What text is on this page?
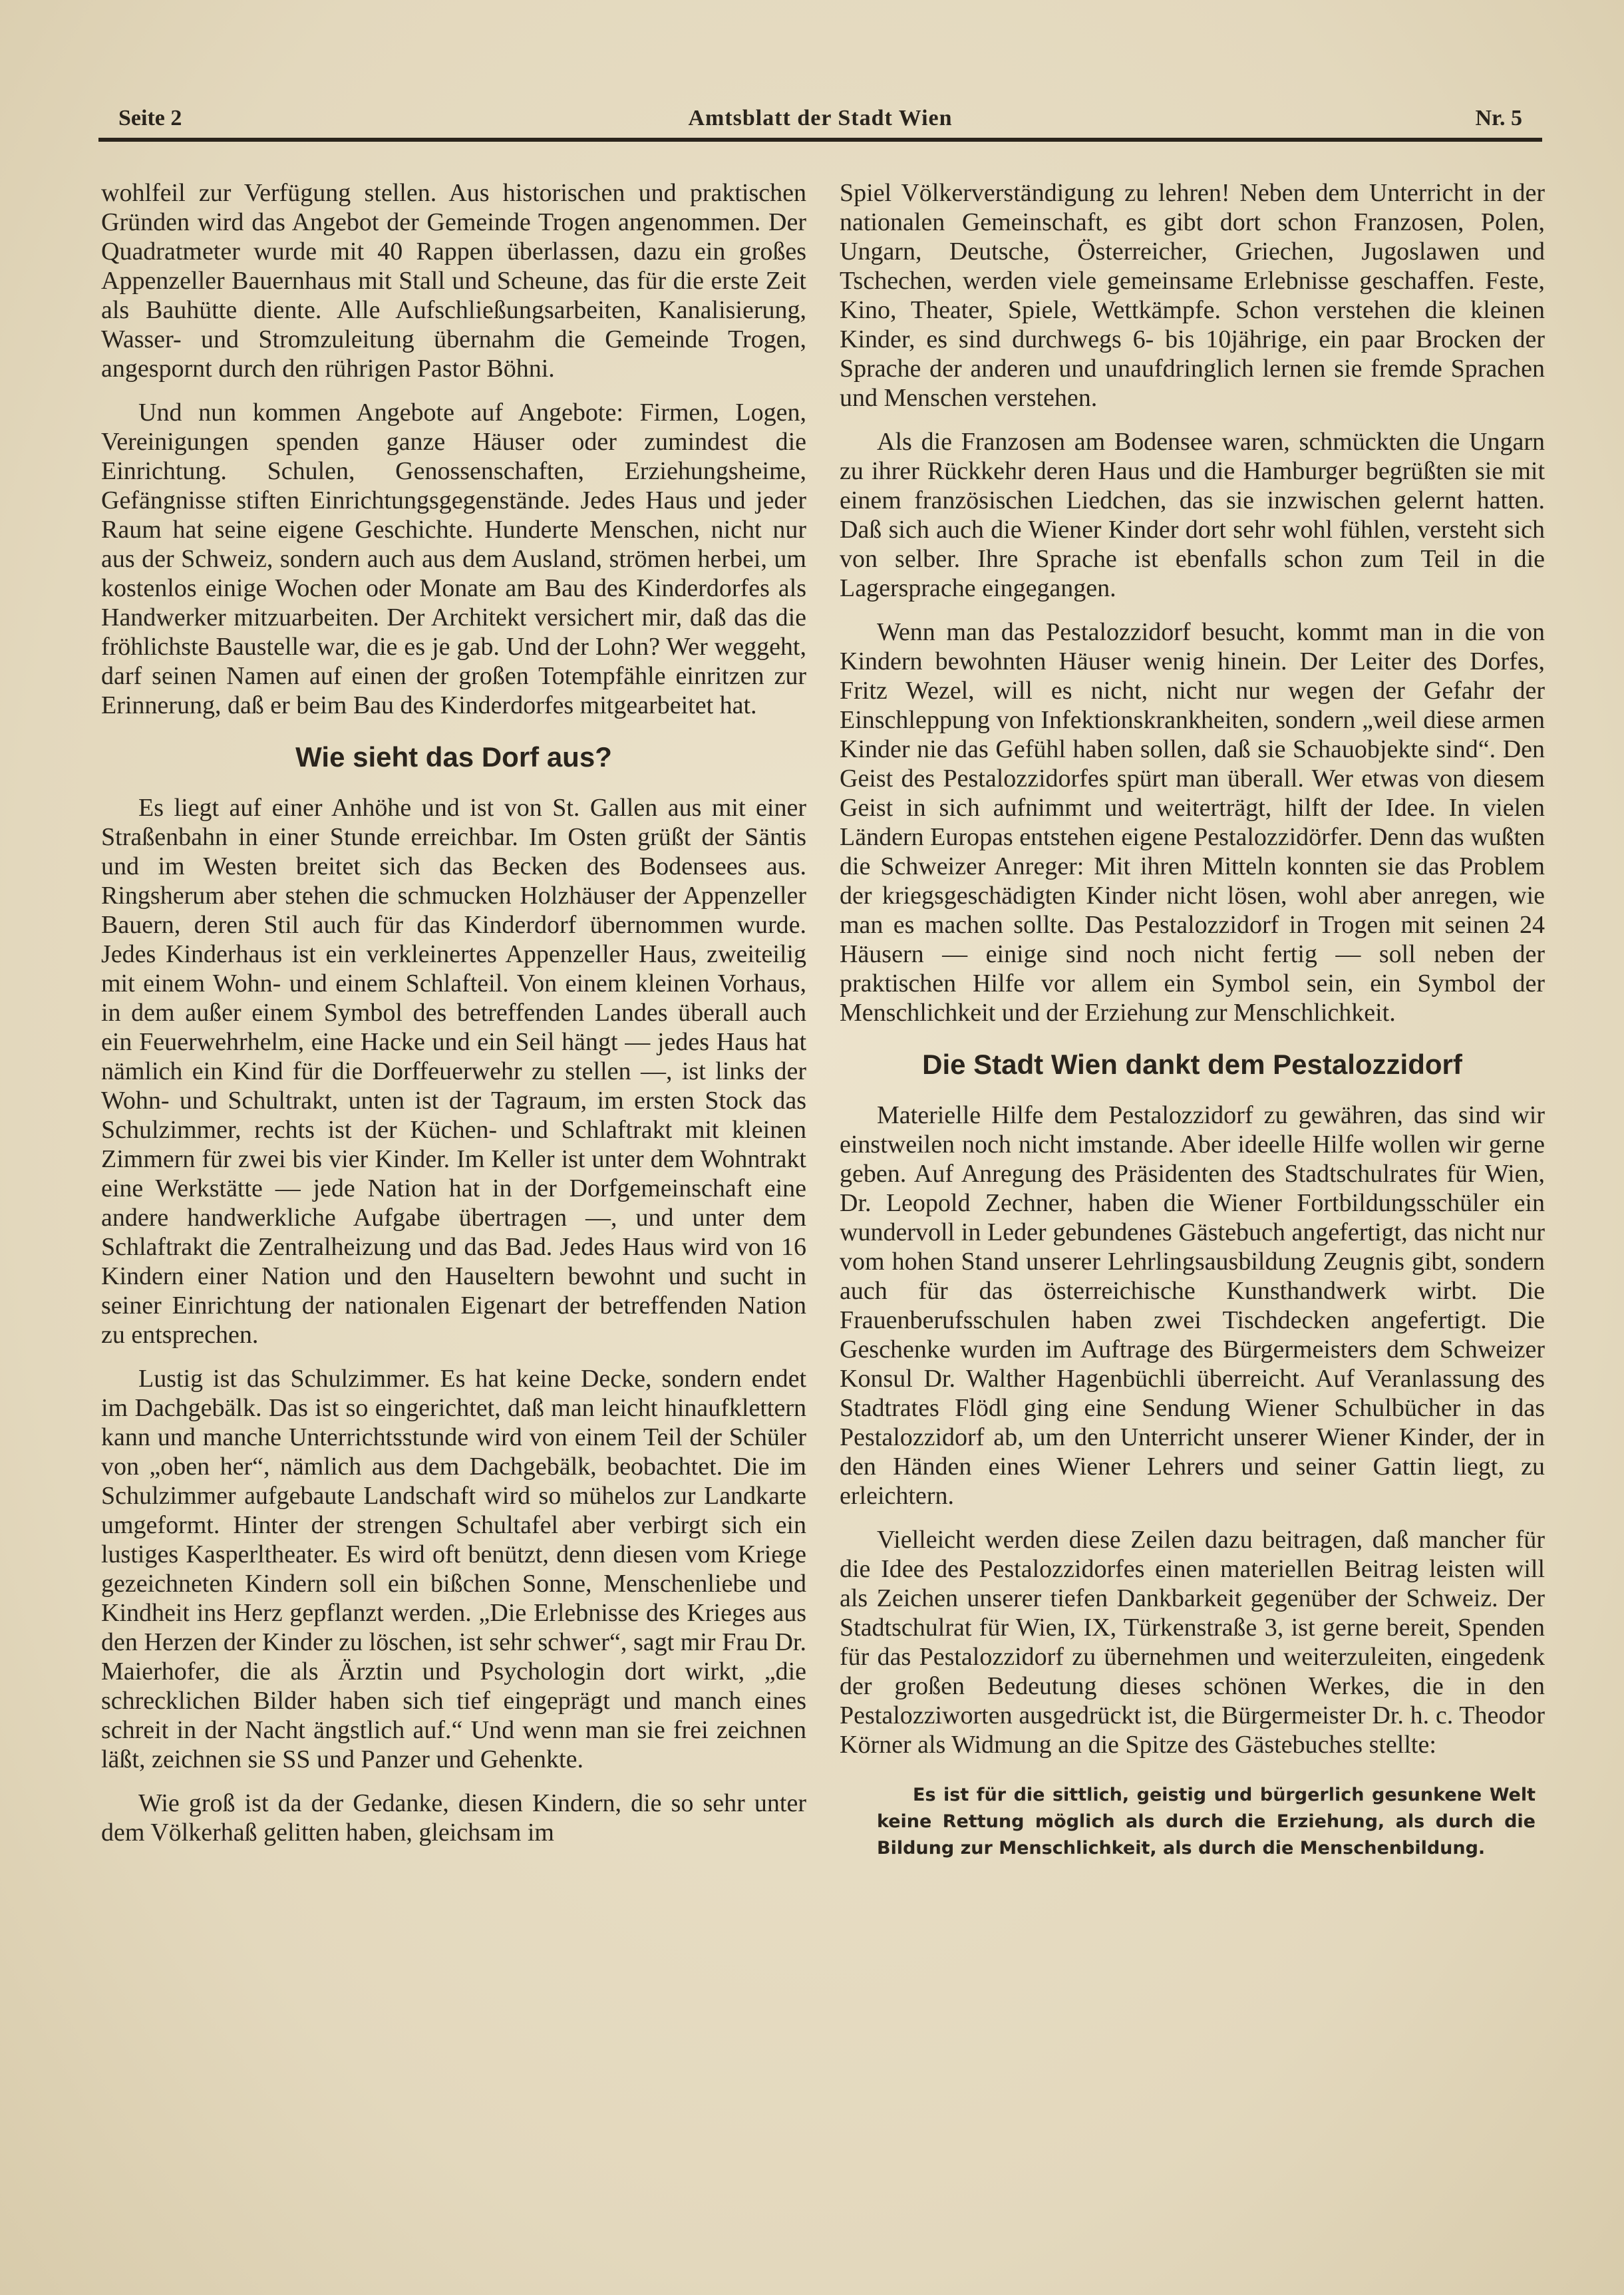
Seite 2	Amtsblatt der Stadt Wien	Nr. 5

wohlfeil zur Verfügung stellen. Aus historischen und praktischen Gründen wird das Angebot der Gemeinde Trogen angenommen. Der Quadratmeter wurde mit 40 Rappen überlassen, dazu ein großes Appenzeller Bauernhaus mit Stall und Scheune, das für die erste Zeit als Bauhütte diente. Alle Aufschließungsarbeiten, Kanalisierung, Wasser- und Stromzuleitung übernahm die Gemeinde Trogen, angespornt durch den rührigen Pastor Böhni.

Und nun kommen Angebote auf Angebote: Firmen, Logen, Vereinigungen spenden ganze Häuser oder zumindest die Einrichtung. Schulen, Genossenschaften, Erziehungsheime, Gefängnisse stiften Einrichtungsgegenstände. Jedes Haus und jeder Raum hat seine eigene Geschichte. Hunderte Menschen, nicht nur aus der Schweiz, sondern auch aus dem Ausland, strömen herbei, um kostenlos einige Wochen oder Monate am Bau des Kinderdorfes als Handwerker mitzuarbeiten. Der Architekt versichert mir, daß das die fröhlichste Baustelle war, die es je gab. Und der Lohn? Wer weggeht, darf seinen Namen auf einen der großen Totempfähle einritzen zur Erinnerung, daß er beim Bau des Kinderdorfes mitgearbeitet hat.

Wie sieht das Dorf aus?

Es liegt auf einer Anhöhe und ist von St. Gallen aus mit einer Straßenbahn in einer Stunde erreichbar. Im Osten grüßt der Säntis und im Westen breitet sich das Becken des Bodensees aus. Ringsherum aber stehen die schmucken Holzhäuser der Appenzeller Bauern, deren Stil auch für das Kinderdorf übernommen wurde. Jedes Kinderhaus ist ein verkleinertes Appenzeller Haus, zweiteilig mit einem Wohn- und einem Schlafteil. Von einem kleinen Vorhaus, in dem außer einem Symbol des betreffenden Landes überall auch ein Feuerwehrhelm, eine Hacke und ein Seil hängt — jedes Haus hat nämlich ein Kind für die Dorffeuerwehr zu stellen —, ist links der Wohn- und Schultrakt, unten ist der Tagraum, im ersten Stock das Schulzimmer, rechts ist der Küchen- und Schlaftrakt mit kleinen Zimmern für zwei bis vier Kinder. Im Keller ist unter dem Wohntrakt eine Werkstätte — jede Nation hat in der Dorfgemeinschaft eine andere handwerkliche Aufgabe übertragen —, und unter dem Schlaftrakt die Zentralheizung und das Bad. Jedes Haus wird von 16 Kindern einer Nation und den Hauseltern bewohnt und sucht in seiner Einrichtung der nationalen Eigenart der betreffenden Nation zu entsprechen.

Lustig ist das Schulzimmer. Es hat keine Decke, sondern endet im Dachgebälk. Das ist so eingerichtet, daß man leicht hinaufklettern kann und manche Unterrichtsstunde wird von einem Teil der Schüler von „oben her“, nämlich aus dem Dachgebälk, beobachtet. Die im Schulzimmer aufgebaute Landschaft wird so mühelos zur Landkarte umgeformt. Hinter der strengen Schultafel aber verbirgt sich ein lustiges Kasperltheater. Es wird oft benützt, denn diesen vom Kriege gezeichneten Kindern soll ein bißchen Sonne, Menschenliebe und Kindheit ins Herz gepflanzt werden. „Die Erlebnisse des Krieges aus den Herzen der Kinder zu löschen, ist sehr schwer“, sagt mir Frau Dr. Maierhofer, die als Ärztin und Psychologin dort wirkt, „die schrecklichen Bilder haben sich tief eingeprägt und manch eines schreit in der Nacht ängstlich auf.“ Und wenn man sie frei zeichnen läßt, zeichnen sie SS und Panzer und Gehenkte.

Wie groß ist da der Gedanke, diesen Kindern, die so sehr unter dem Völkerhaß gelitten haben, gleichsam im

Spiel Völkerverständigung zu lehren! Neben dem Unterricht in der nationalen Gemeinschaft, es gibt dort schon Franzosen, Polen, Ungarn, Deutsche, Österreicher, Griechen, Jugoslawen und Tschechen, werden viele gemeinsame Erlebnisse geschaffen. Feste, Kino, Theater, Spiele, Wettkämpfe. Schon verstehen die kleinen Kinder, es sind durchwegs 6- bis 10jährige, ein paar Brocken der Sprache der anderen und unaufdringlich lernen sie fremde Sprachen und Menschen verstehen.

Als die Franzosen am Bodensee waren, schmückten die Ungarn zu ihrer Rückkehr deren Haus und die Hamburger begrüßten sie mit einem französischen Liedchen, das sie inzwischen gelernt hatten. Daß sich auch die Wiener Kinder dort sehr wohl fühlen, versteht sich von selber. Ihre Sprache ist ebenfalls schon zum Teil in die Lagersprache eingegangen.

Wenn man das Pestalozzidorf besucht, kommt man in die von Kindern bewohnten Häuser wenig hinein. Der Leiter des Dorfes, Fritz Wezel, will es nicht, nicht nur wegen der Gefahr der Einschleppung von Infektionskrankheiten, sondern „weil diese armen Kinder nie das Gefühl haben sollen, daß sie Schauobjekte sind“. Den Geist des Pestalozzidorfes spürt man überall. Wer etwas von diesem Geist in sich aufnimmt und weiterträgt, hilft der Idee. In vielen Ländern Europas entstehen eigene Pestalozzidörfer. Denn das wußten die Schweizer Anreger: Mit ihren Mitteln konnten sie das Problem der kriegsgeschädigten Kinder nicht lösen, wohl aber anregen, wie man es machen sollte. Das Pestalozzidorf in Trogen mit seinen 24 Häusern — einige sind noch nicht fertig — soll neben der praktischen Hilfe vor allem ein Symbol sein, ein Symbol der Menschlichkeit und der Erziehung zur Menschlichkeit.

Die Stadt Wien dankt dem Pestalozzidorf

Materielle Hilfe dem Pestalozzidorf zu gewähren, das sind wir einstweilen noch nicht imstande. Aber ideelle Hilfe wollen wir gerne geben. Auf Anregung des Präsidenten des Stadtschulrates für Wien, Dr. Leopold Zechner, haben die Wiener Fortbildungsschüler ein wundervoll in Leder gebundenes Gästebuch angefertigt, das nicht nur vom hohen Stand unserer Lehrlingsausbildung Zeugnis gibt, sondern auch für das österreichische Kunsthandwerk wirbt. Die Frauenberufsschulen haben zwei Tischdecken angefertigt. Die Geschenke wurden im Auftrage des Bürgermeisters dem Schweizer Konsul Dr. Walther Hagenbüchli überreicht. Auf Veranlassung des Stadtrates Flödl ging eine Sendung Wiener Schulbücher in das Pestalozzidorf ab, um den Unterricht unserer Wiener Kinder, der in den Händen eines Wiener Lehrers und seiner Gattin liegt, zu erleichtern.

Vielleicht werden diese Zeilen dazu beitragen, daß mancher für die Idee des Pestalozzidorfes einen materiellen Beitrag leisten will als Zeichen unserer tiefen Dankbarkeit gegenüber der Schweiz. Der Stadtschulrat für Wien, IX, Türkenstraße 3, ist gerne bereit, Spenden für das Pestalozzidorf zu übernehmen und weiterzuleiten, eingedenk der großen Bedeutung dieses schönen Werkes, die in den Pestalozziworten ausgedrückt ist, die Bürgermeister Dr. h. c. Theodor Körner als Widmung an die Spitze des Gästebuches stellte:

Es ist für die sittlich, geistig und bürgerlich gesunkene Welt keine Rettung möglich als durch die Erziehung, als durch die Bildung zur Menschlichkeit, als durch die Menschenbildung.
